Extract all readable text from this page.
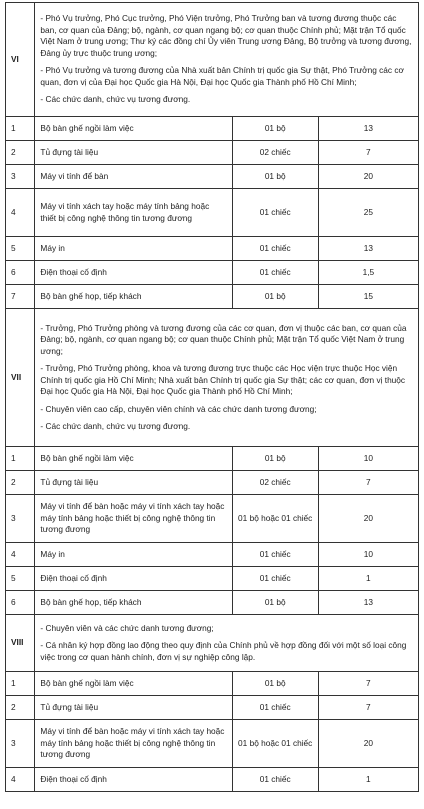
VI	- Phó Vụ trưởng, Phó Cục trưởng, Phó Viện trưởng, Phó Trưởng ban và tương đương thuộc các ban, cơ quan của Đảng; bộ, ngành, cơ quan ngang bộ; cơ quan thuộc Chính phủ; Mặt trận Tổ quốc Việt Nam ở trung ương; Thư ký các đồng chí Ủy viên Trung ương Đảng, Bộ trưởng và tương đương, Đảng ủy trực thuộc trung ương;
- Phó Vụ trưởng và tương đương của Nhà xuất bản Chính trị quốc gia Sự thật, Phó Trưởng các cơ quan, đơn vị của Đại học Quốc gia Hà Nội, Đại học Quốc gia Thành phố Hồ Chí Minh;
- Các chức danh, chức vụ tương đương.		

1	Bộ bàn ghế ngồi làm việc	01 bộ	13
2	Tủ đựng tài liệu	02 chiếc	7
3	Máy vi tính để bàn	01 bộ	20
4	Máy vi tính xách tay hoặc máy tính bảng hoặc thiết bị công nghệ thông tin tương đương	01 chiếc	25
5	Máy in	01 chiếc	13
6	Điện thoại cố định	01 chiếc	1,5
7	Bộ bàn ghế họp, tiếp khách	01 bộ	15
VII	- Trưởng, Phó Trưởng phòng và tương đương của các cơ quan, đơn vị thuộc các ban, cơ quan của Đảng; bộ, ngành, cơ quan ngang bộ; cơ quan thuộc Chính phủ; Mặt trận Tổ quốc Việt Nam ở trung ương;
- Trưởng, Phó Trưởng phòng, khoa và tương đương trực thuộc các Học viện trực thuộc Học viện Chính trị quốc gia Hồ Chí Minh; Nhà xuất bản Chính trị quốc gia Sự thật; các cơ quan, đơn vị thuộc Đại học Quốc gia Hà Nội, Đại học Quốc gia Thành phố Hồ Chí Minh;
- Chuyên viên cao cấp, chuyên viên chính và các chức danh tương đương;
- Các chức danh, chức vụ tương đương.		

1	Bộ bàn ghế ngồi làm việc	01 bộ	10
2	Tủ đựng tài liệu	02 chiếc	7
3	Máy vi tính để bàn hoặc máy vi tính xách tay hoặc máy tính bảng hoặc thiết bị công nghệ thông tin tương đương	01 bộ hoặc 01 chiếc	20
4	Máy in	01 chiếc	10
5	Điện thoại cố định	01 chiếc	1
6	Bộ bàn ghế họp, tiếp khách	01 bộ	13
VIII	- Chuyên viên và các chức danh tương đương;
- Cá nhân ký hợp đồng lao động theo quy định của Chính phủ về hợp đồng đối với một số loại công việc trong cơ quan hành chính, đơn vị sự nghiệp công lập.		

1	Bộ bàn ghế ngồi làm việc	01 bộ	7
2	Tủ đựng tài liệu	01 chiếc	7
3	Máy vi tính để bàn hoặc máy vi tính xách tay hoặc máy tính bảng hoặc thiết bị công nghệ thông tin tương đương	01 bộ hoặc 01 chiếc	20
4	Điện thoại cố định	01 chiếc	1
